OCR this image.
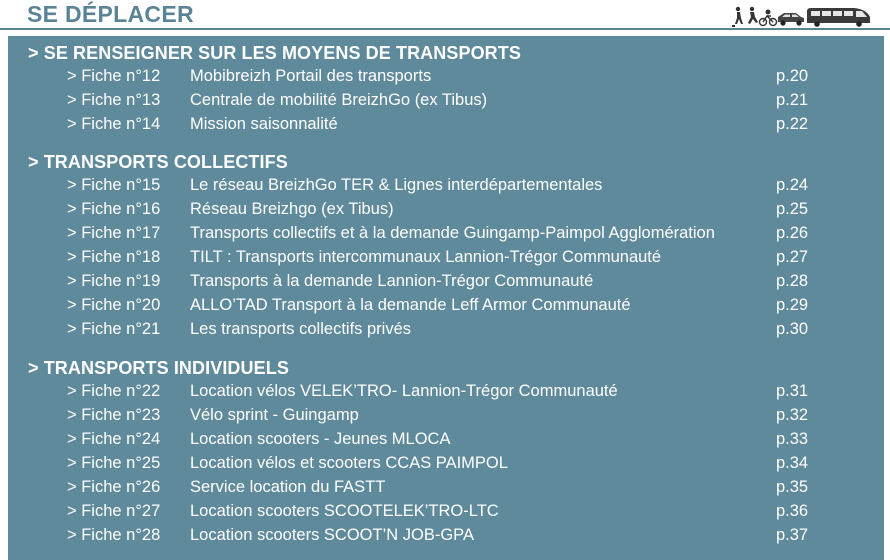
SE DÉPLACER
> SE RENSEIGNER SUR LES MOYENS DE TRANSPORTS
> Fiche n°12 Mobibreizh Portail des transports	p.20
> Fiche n°13 Centrale de mobilité BreizhGo (ex Tibus)	p.21
> Fiche n°14 Mission saisonnalité	p.22
> TRANSPORTS COLLECTIFS
> Fiche n°15 Le réseau BreizhGo TER & Lignes interdépartementales	p.24
> Fiche n°16 Réseau Breizhgo (ex Tibus)	p.25
> Fiche n°17 Transports collectifs et à la demande Guingamp-Paimpol Agglomération	p.26
> Fiche n°18 TILT : Transports intercommunaux Lannion-Trégor Communauté	p.27
> Fiche n°19 Transports à la demande Lannion-Trégor Communauté	p.28
> Fiche n°20 ALLO’TAD Transport à la demande Leff Armor Communauté	p.29
> Fiche n°21 Les transports collectifs privés	p.30
> TRANSPORTS INDIVIDUELS
> Fiche n°22 Location vélos VELEK’TRO- Lannion-Trégor Communauté	p.31
> Fiche n°23 Vélo sprint - Guingamp	p.32
> Fiche n°24 Location scooters - Jeunes MLOCA	p.33
> Fiche n°25 Location vélos et scooters CCAS PAIMPOL	p.34
> Fiche n°26 Service location du FASTT	p.35
> Fiche n°27 Location scooters SCOOTELEK’TRO-LTC	p.36
> Fiche n°28 Location scooters SCOOT’N JOB-GPA	p.37
